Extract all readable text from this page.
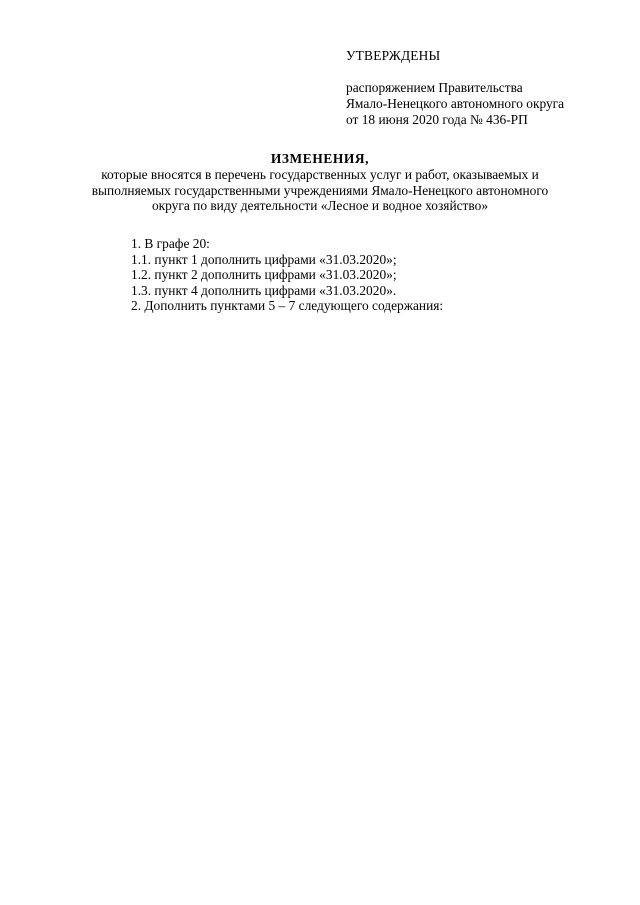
УТВЕРЖДЕНЫ
распоряжением Правительства
Ямало-Ненецкого автономного округа
от 18 июня 2020 года № 436-РП
ИЗМЕНЕНИЯ,
которые вносятся в перечень государственных услуг и работ, оказываемых и
выполняемых государственными учреждениями Ямало-Ненецкого автономного
округа по виду деятельности «Лесное и водное хозяйство»
1. В графе 20:
1.1. пункт 1 дополнить цифрами «31.03.2020»;
1.2. пункт 2 дополнить цифрами «31.03.2020»;
1.3. пункт 4 дополнить цифрами «31.03.2020».
2. Дополнить пунктами 5 – 7 следующего содержания:
